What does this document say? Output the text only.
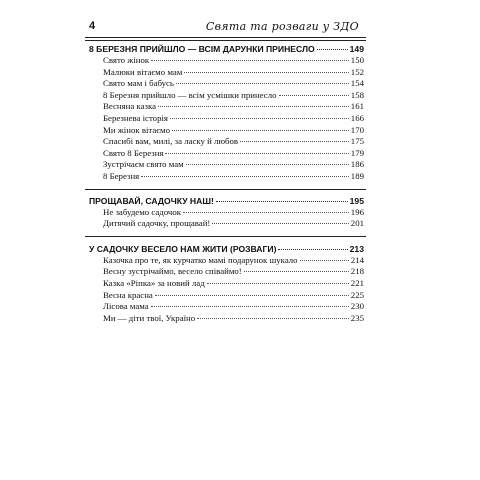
4	Свята та розваги у ЗДО
8 БЕРЕЗНЯ ПРИЙШЛО — ВСІМ ДАРУНКИ ПРИНЕСЛО	149
Свято жінок	150
Малюки вітаємо мам	152
Свято мам і бабусь	154
8 Березня прийшло — всім усмішки принесло	158
Весняна казка	161
Березнева історія	166
Ми жінок вітаємо	170
Спасибі вам, милі, за ласку й любов	175
Свято 8 Березня	179
Зустрічаєм свято мам	186
8 Березня	189
ПРОЩАВАЙ, САДОЧКУ НАШ!	195
Не забудемо садочок	196
Дитячий садочку, прощавай!	201
У САДОЧКУ ВЕСЕЛО НАМ ЖИТИ (РОЗВАГИ)	213
Казочка про те, як курчатко мамі подарунок шукало	214
Весну зустрічаймо, весело співаймо!	218
Казка «Ріпка» за новий лад	221
Весна красна	225
Лісова мама	230
Ми — діти твої, Україно	235
